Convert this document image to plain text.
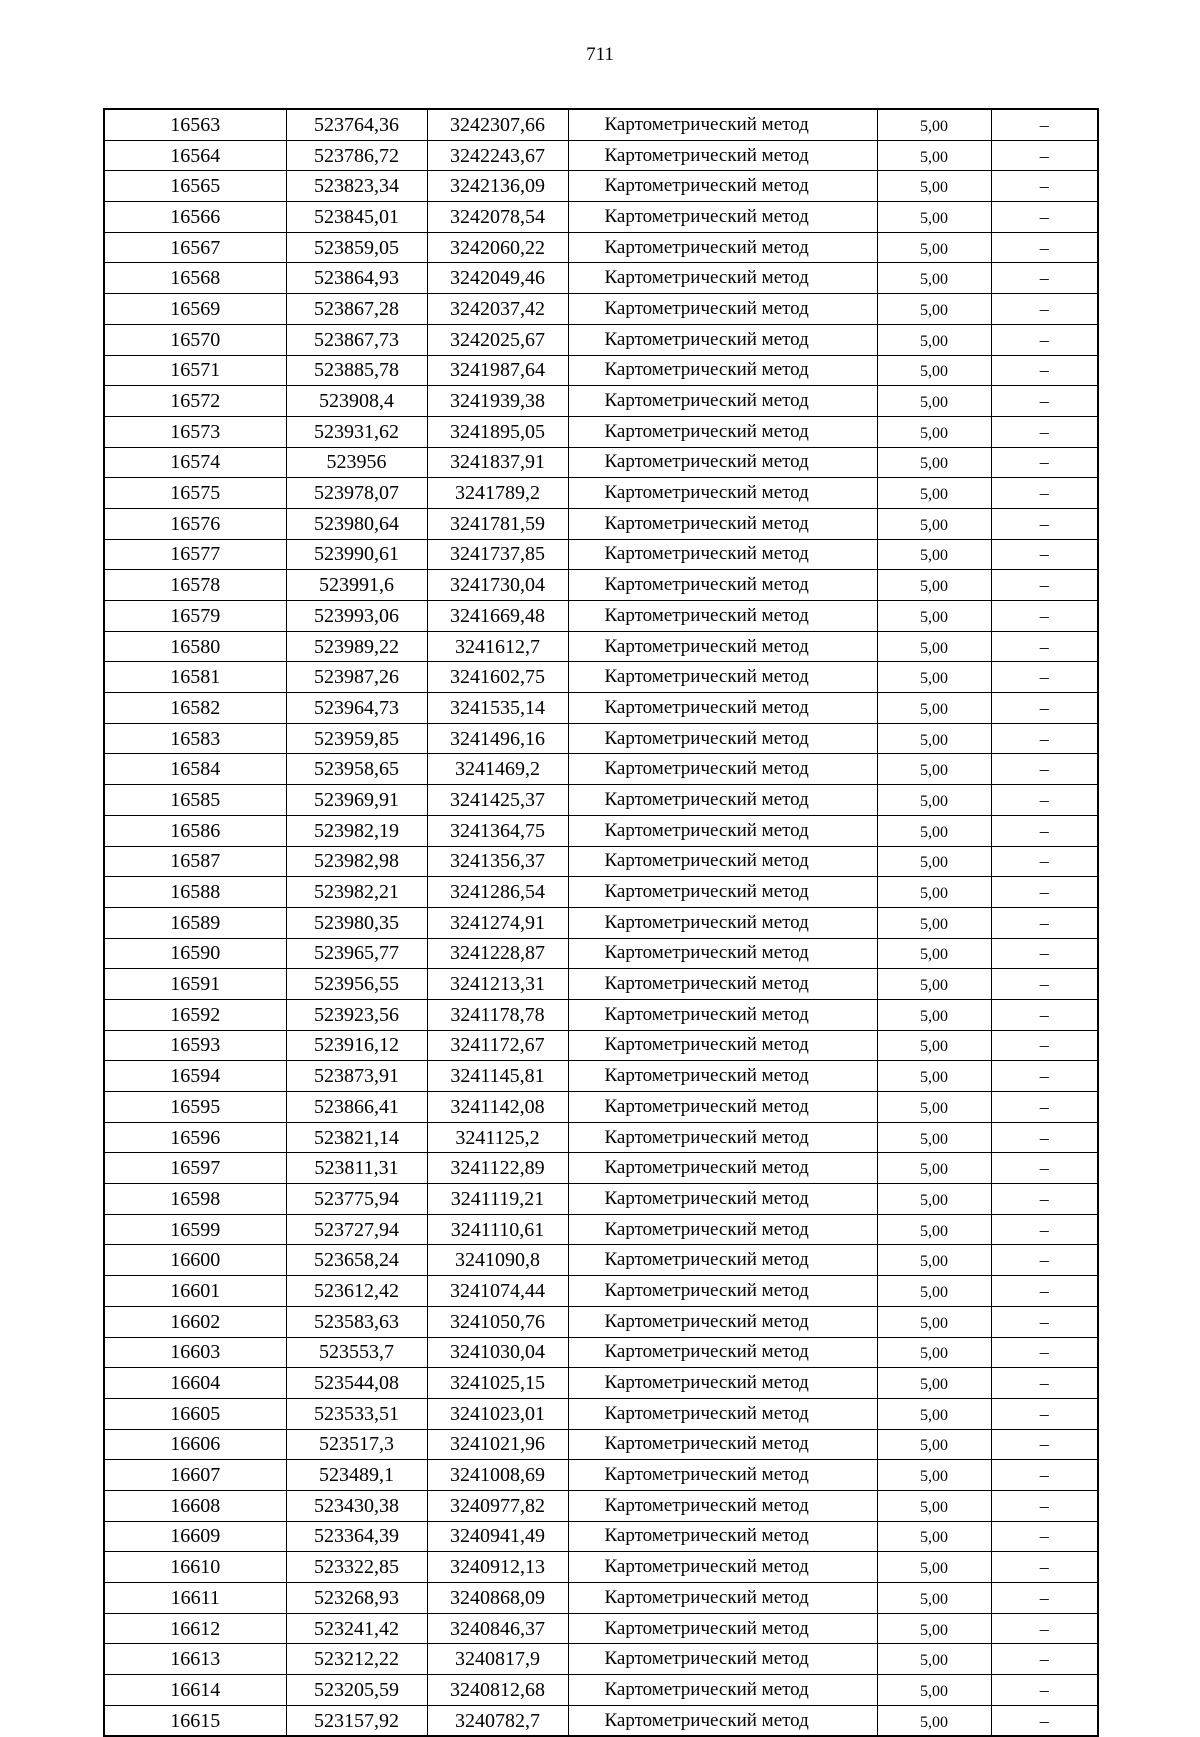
711
16563	523764,36	3242307,66	Картометрический метод	5,00	–
16564	523786,72	3242243,67	Картометрический метод	5,00	–
16565	523823,34	3242136,09	Картометрический метод	5,00	–
16566	523845,01	3242078,54	Картометрический метод	5,00	–
16567	523859,05	3242060,22	Картометрический метод	5,00	–
16568	523864,93	3242049,46	Картометрический метод	5,00	–
16569	523867,28	3242037,42	Картометрический метод	5,00	–
16570	523867,73	3242025,67	Картометрический метод	5,00	–
16571	523885,78	3241987,64	Картометрический метод	5,00	–
16572	523908,4	3241939,38	Картометрический метод	5,00	–
16573	523931,62	3241895,05	Картометрический метод	5,00	–
16574	523956	3241837,91	Картометрический метод	5,00	–
16575	523978,07	3241789,2	Картометрический метод	5,00	–
16576	523980,64	3241781,59	Картометрический метод	5,00	–
16577	523990,61	3241737,85	Картометрический метод	5,00	–
16578	523991,6	3241730,04	Картометрический метод	5,00	–
16579	523993,06	3241669,48	Картометрический метод	5,00	–
16580	523989,22	3241612,7	Картометрический метод	5,00	–
16581	523987,26	3241602,75	Картометрический метод	5,00	–
16582	523964,73	3241535,14	Картометрический метод	5,00	–
16583	523959,85	3241496,16	Картометрический метод	5,00	–
16584	523958,65	3241469,2	Картометрический метод	5,00	–
16585	523969,91	3241425,37	Картометрический метод	5,00	–
16586	523982,19	3241364,75	Картометрический метод	5,00	–
16587	523982,98	3241356,37	Картометрический метод	5,00	–
16588	523982,21	3241286,54	Картометрический метод	5,00	–
16589	523980,35	3241274,91	Картометрический метод	5,00	–
16590	523965,77	3241228,87	Картометрический метод	5,00	–
16591	523956,55	3241213,31	Картометрический метод	5,00	–
16592	523923,56	3241178,78	Картометрический метод	5,00	–
16593	523916,12	3241172,67	Картометрический метод	5,00	–
16594	523873,91	3241145,81	Картометрический метод	5,00	–
16595	523866,41	3241142,08	Картометрический метод	5,00	–
16596	523821,14	3241125,2	Картометрический метод	5,00	–
16597	523811,31	3241122,89	Картометрический метод	5,00	–
16598	523775,94	3241119,21	Картометрический метод	5,00	–
16599	523727,94	3241110,61	Картометрический метод	5,00	–
16600	523658,24	3241090,8	Картометрический метод	5,00	–
16601	523612,42	3241074,44	Картометрический метод	5,00	–
16602	523583,63	3241050,76	Картометрический метод	5,00	–
16603	523553,7	3241030,04	Картометрический метод	5,00	–
16604	523544,08	3241025,15	Картометрический метод	5,00	–
16605	523533,51	3241023,01	Картометрический метод	5,00	–
16606	523517,3	3241021,96	Картометрический метод	5,00	–
16607	523489,1	3241008,69	Картометрический метод	5,00	–
16608	523430,38	3240977,82	Картометрический метод	5,00	–
16609	523364,39	3240941,49	Картометрический метод	5,00	–
16610	523322,85	3240912,13	Картометрический метод	5,00	–
16611	523268,93	3240868,09	Картометрический метод	5,00	–
16612	523241,42	3240846,37	Картометрический метод	5,00	–
16613	523212,22	3240817,9	Картометрический метод	5,00	–
16614	523205,59	3240812,68	Картометрический метод	5,00	–
16615	523157,92	3240782,7	Картометрический метод	5,00	–
